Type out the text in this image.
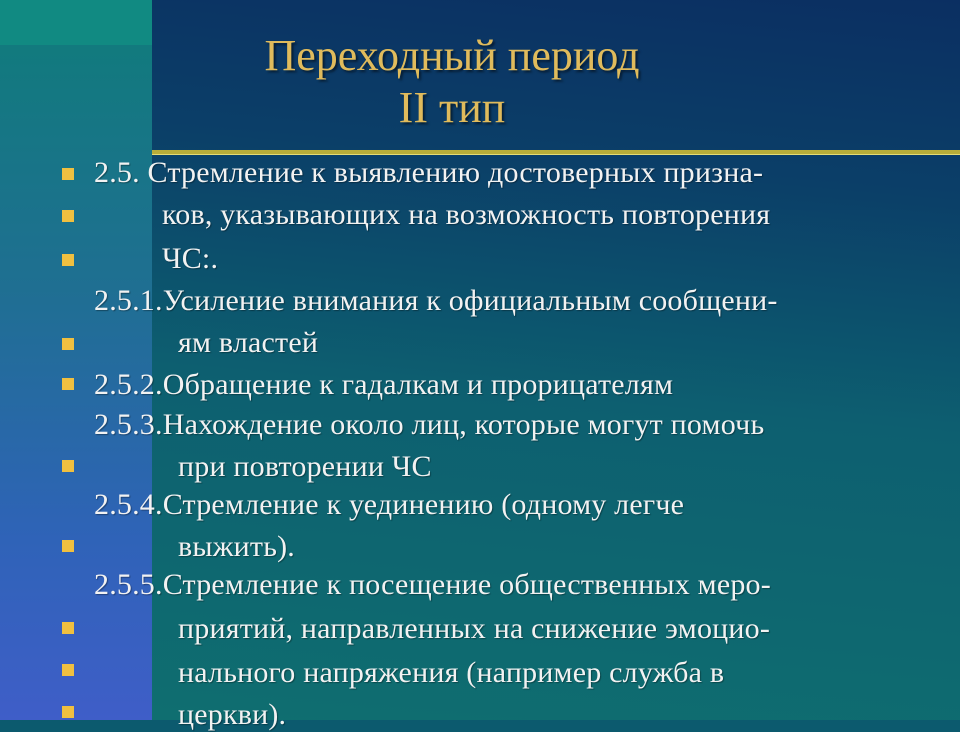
Переходный период
II тип
2.5. Стремление к выявлению достоверных призна-
ков, указывающих на возможность повторения
ЧС:.
2.5.1.Усиление внимания к официальным сообщени-
ям властей
2.5.2.Обращение к гадалкам и прорицателям
2.5.3.Нахождение около лиц, которые могут помочь
при повторении ЧС
2.5.4.Стремление к уединению (одному легче
выжить).
2.5.5.Стремление к посещение общественных меро-
приятий, направленных на снижение эмоцио-
нального напряжения (например служба в
церкви).
